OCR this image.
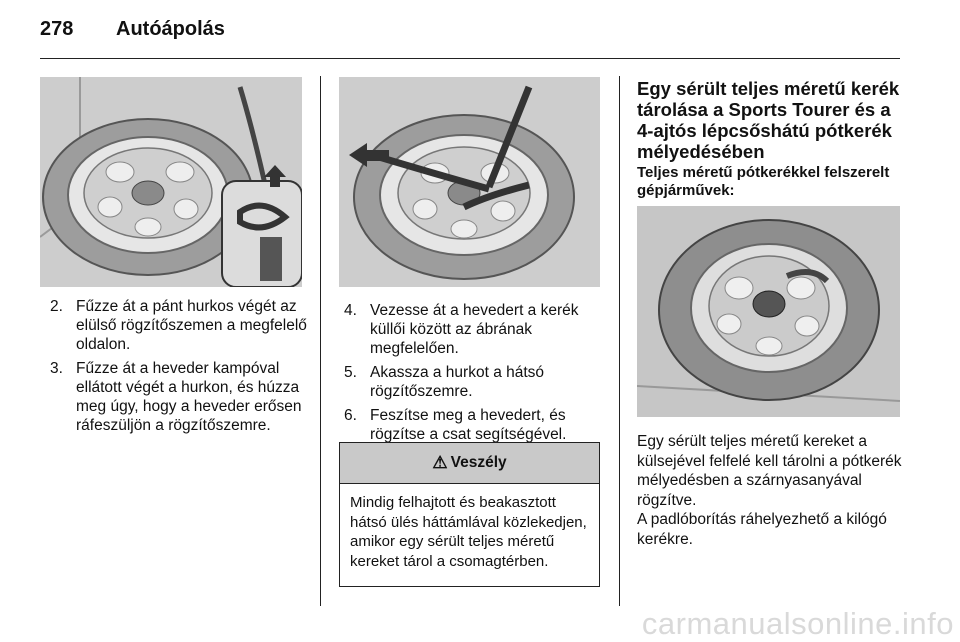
278 Autóápolás
2. Fűzze át a pánt hurkos végét az elülső rögzítőszemen a megfelelő oldalon.
3. Fűzze át a heveder kampóval ellátott végét a hurkon, és húzza meg úgy, hogy a heveder erősen ráfeszüljön a rögzítőszemre.
4. Vezesse át a hevedert a kerék küllői között az ábrának megfelelően.
5. Akassza a hurkot a hátsó rögzítőszemre.
6. Feszítse meg a hevedert, és rögzítse a csat segítségével.
⚠ Veszély
Mindig felhajtott és beakasztott hátsó ülés háttámlával közlekedjen, amikor egy sérült teljes méretű kereket tárol a csomagtérben.
Egy sérült teljes méretű kerék tárolása a Sports Tourer és a 4-ajtós lépcsőshátú pótkerék mélyedésében
Teljes méretű pótkerékkel felszerelt gépjárművek:

Egy sérült teljes méretű kereket a külsejével felfelé kell tárolni a pótkerék mélyedésben a szárnyasanyával rögzítve.

A padlóborítás ráhelyezhető a kilógó kerékre.

carmanualsonline.info
